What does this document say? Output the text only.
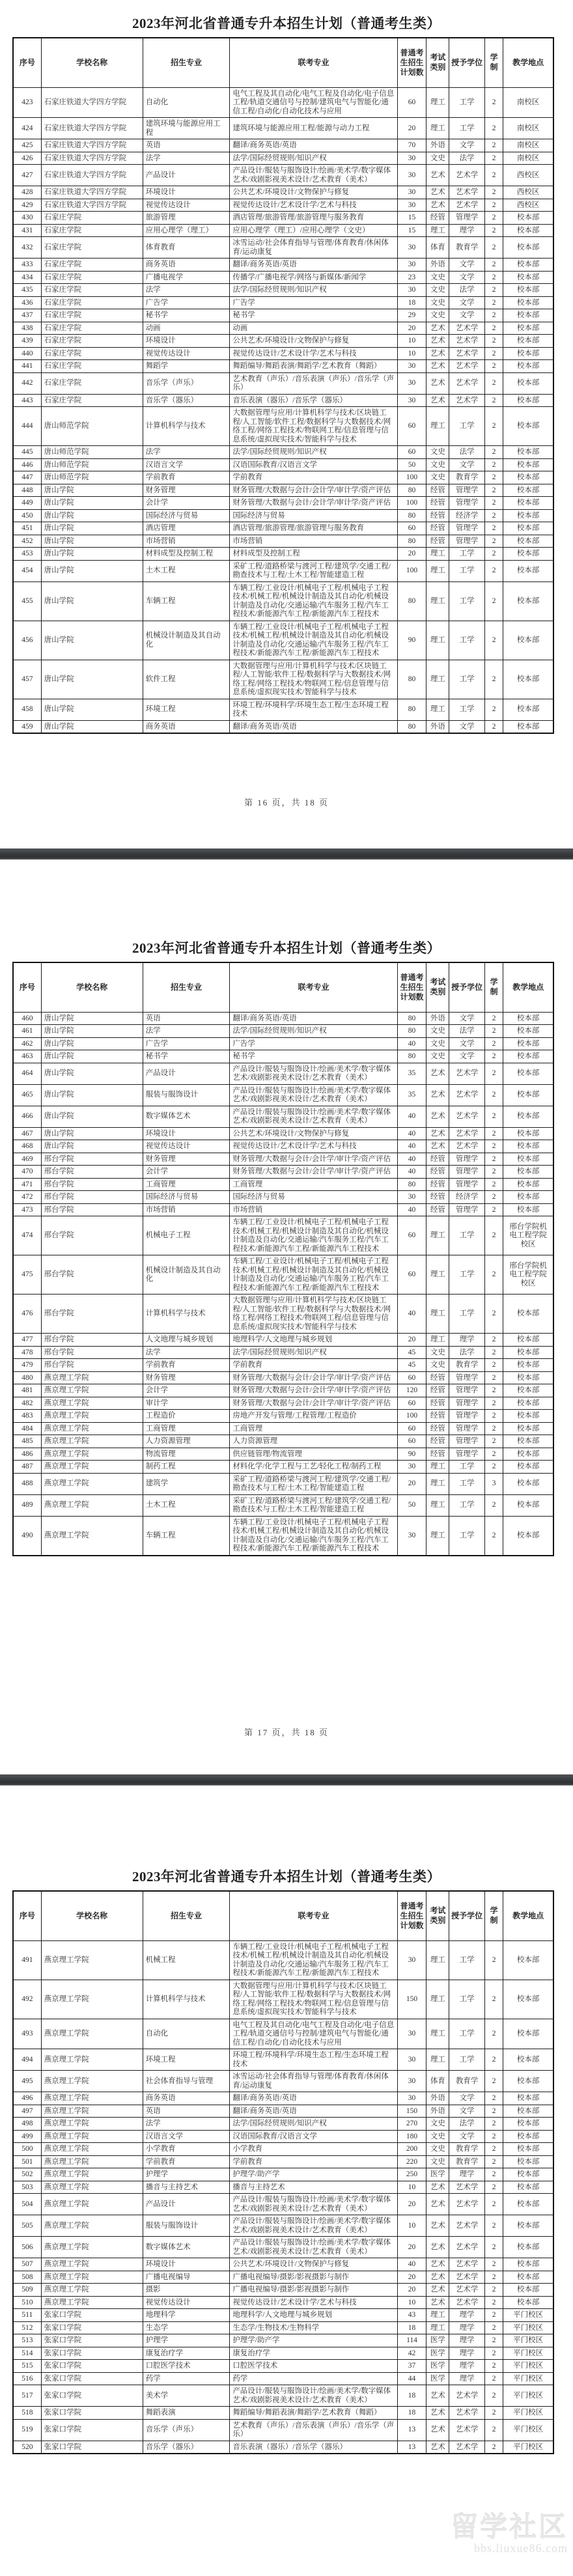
2023年河北省普通专升本招生计划（普通考生类）
序号	学校名称	招生专业	联考专业	普通考生招生计划数	考试类别	授予学位	学制	教学地点
423	石家庄铁道大学四方学院	自动化	电气工程及其自动化/电气工程及自动化/电子信息工程/轨道交通信号与控制/建筑电气与智能化/通信工程/自动化/自动化技术与应用	60	理工	工学	2	南校区
424	石家庄铁道大学四方学院	建筑环境与能源应用工程	建筑环境与能源应用工程/能源与动力工程	20	理工	工学	2	南校区
425	石家庄铁道大学四方学院	英语	翻译/商务英语/英语	70	外语	文学	2	南校区
426	石家庄铁道大学四方学院	法学	法学/国际经贸规则/知识产权	30	文史	法学	2	南校区
427	石家庄铁道大学四方学院	产品设计	产品设计/服装与服饰设计/绘画/美术学/数字媒体艺术/戏剧影视美术设计/艺术教育（美术）	30	艺术	艺术学	2	西校区
428	石家庄铁道大学四方学院	环境设计	公共艺术/环境设计/文物保护与修复	30	艺术	艺术学	2	西校区
429	石家庄铁道大学四方学院	视觉传达设计	视觉传达设计/艺术设计学/艺术与科技	30	艺术	艺术学	2	西校区
430	石家庄学院	旅游管理	酒店管理/旅游管理/旅游管理与服务教育	15	经管	管理学	2	校本部
431	石家庄学院	应用心理学（理工）	应用心理学（理工）/应用心理学（文史）	15	理工	理学	2	校本部
432	石家庄学院	体育教育	冰雪运动/社会体育指导与管理/体育教育/休闲体育/运动康复	30	体育	教育学	2	校本部
433	石家庄学院	商务英语	翻译/商务英语/英语	30	外语	文学	2	校本部
434	石家庄学院	广播电视学	传播学/广播电视学/网络与新媒体/新闻学	23	文史	文学	2	校本部
435	石家庄学院	法学	法学/国际经贸规则/知识产权	30	文史	法学	2	校本部
436	石家庄学院	广告学	广告学	18	文史	文学	2	校本部
437	石家庄学院	秘书学	秘书学	29	文史	文学	2	校本部
438	石家庄学院	动画	动画	20	艺术	艺术学	2	校本部
439	石家庄学院	环境设计	公共艺术/环境设计/文物保护与修复	10	艺术	艺术学	2	校本部
440	石家庄学院	视觉传达设计	视觉传达设计/艺术设计学/艺术与科技	10	艺术	艺术学	2	校本部
441	石家庄学院	舞蹈学	舞蹈编导/舞蹈表演/舞蹈学/艺术教育（舞蹈）	30	艺术	艺术学	2	校本部
442	石家庄学院	音乐学（声乐）	艺术教育（声乐）/音乐表演（声乐）/音乐学（声乐）	30	艺术	艺术学	2	校本部
443	石家庄学院	音乐学（器乐）	音乐表演（器乐）/音乐学（器乐）	30	艺术	艺术学	2	校本部
444	唐山师范学院	计算机科学与技术	大数据管理与应用/计算机科学与技术/区块链工程/人工智能/软件工程/数据科学与大数据技术/网络工程/网络工程技术/物联网工程/信息管理与信息系统/虚拟现实技术/智能科学与技术	60	理工	工学	2	校本部
445	唐山师范学院	法学	法学/国际经贸规则/知识产权	60	文史	法学	2	校本部
446	唐山师范学院	汉语言文学	汉语国际教育/汉语言文学	50	文史	文学	2	校本部
447	唐山师范学院	学前教育	学前教育	100	文史	教育学	2	校本部
448	唐山学院	财务管理	财务管理/大数据与会计/会计学/审计学/资产评估	80	经管	管理学	2	校本部
449	唐山学院	会计学	财务管理/大数据与会计/会计学/审计学/资产评估	100	经管	管理学	2	校本部
450	唐山学院	国际经济与贸易	国际经济与贸易	80	经管	经济学	2	校本部
451	唐山学院	酒店管理	酒店管理/旅游管理/旅游管理与服务教育	60	经管	管理学	2	校本部
452	唐山学院	市场营销	市场营销	80	经管	管理学	2	校本部
453	唐山学院	材料成型及控制工程	材料成型及控制工程	20	理工	工学	2	校本部
454	唐山学院	土木工程	采矿工程/道路桥梁与渡河工程/建筑学/交通工程/勘查技术与工程/土木工程/智能建造工程	100	理工	工学	2	校本部
455	唐山学院	车辆工程	车辆工程/工业设计/机械电子工程/机械电子工程技术/机械工程/机械设计制造及其自动化/机械设计制造及自动化/交通运输/汽车服务工程/汽车工程技术/新能源汽车工程/新能源汽车工程技术	80	理工	工学	2	校本部
456	唐山学院	机械设计制造及其自动化	车辆工程/工业设计/机械电子工程/机械电子工程技术/机械工程/机械设计制造及其自动化/机械设计制造及自动化/交通运输/汽车服务工程/汽车工程技术/新能源汽车工程/新能源汽车工程技术	90	理工	工学	2	校本部
457	唐山学院	软件工程	大数据管理与应用/计算机科学与技术/区块链工程/人工智能/软件工程/数据科学与大数据技术/网络工程/网络工程技术/物联网工程/信息管理与信息系统/虚拟现实技术/智能科学与技术	80	理工	工学	2	校本部
458	唐山学院	环境工程	环境工程/环境科学/环境生态工程/生态环境工程技术	80	理工	工学	2	校本部
459	唐山学院	商务英语	翻译/商务英语/英语	80	外语	文学	2	校本部
第 16 页，共 18 页
2023年河北省普通专升本招生计划（普通考生类）
序号	学校名称	招生专业	联考专业	普通考生招生计划数	考试类别	授予学位	学制	教学地点
460	唐山学院	英语	翻译/商务英语/英语	80	外语	文学	2	校本部
461	唐山学院	法学	法学/国际经贸规则/知识产权	80	文史	法学	2	校本部
462	唐山学院	广告学	广告学	40	文史	文学	2	校本部
463	唐山学院	秘书学	秘书学	80	文史	文学	2	校本部
464	唐山学院	产品设计	产品设计/服装与服饰设计/绘画/美术学/数字媒体艺术/戏剧影视美术设计/艺术教育（美术）	35	艺术	艺术学	2	校本部
465	唐山学院	服装与服饰设计	产品设计/服装与服饰设计/绘画/美术学/数字媒体艺术/戏剧影视美术设计/艺术教育（美术）	35	艺术	艺术学	2	校本部
466	唐山学院	数字媒体艺术	产品设计/服装与服饰设计/绘画/美术学/数字媒体艺术/戏剧影视美术设计/艺术教育（美术）	40	艺术	艺术学	2	校本部
467	唐山学院	环境设计	公共艺术/环境设计/文物保护与修复	40	艺术	艺术学	2	校本部
468	唐山学院	视觉传达设计	视觉传达设计/艺术设计学/艺术与科技	40	艺术	艺术学	2	校本部
469	邢台学院	财务管理	财务管理/大数据与会计/会计学/审计学/资产评估	40	经管	管理学	2	校本部
470	邢台学院	会计学	财务管理/大数据与会计/会计学/审计学/资产评估	40	经管	管理学	2	校本部
471	邢台学院	工商管理	工商管理	80	经管	管理学	2	校本部
472	邢台学院	国际经济与贸易	国际经济与贸易	30	经管	经济学	2	校本部
473	邢台学院	市场营销	市场营销	40	经管	管理学	2	校本部
474	邢台学院	机械电子工程	车辆工程/工业设计/机械电子工程/机械电子工程技术/机械工程/机械设计制造及其自动化/机械设计制造及自动化/交通运输/汽车服务工程/汽车工程技术/新能源汽车工程/新能源汽车工程技术	60	理工	工学	2	邢台学院机电工程学院校区
475	邢台学院	机械设计制造及其自动化	车辆工程/工业设计/机械电子工程/机械电子工程技术/机械工程/机械设计制造及其自动化/机械设计制造及自动化/交通运输/汽车服务工程/汽车工程技术/新能源汽车工程/新能源汽车工程技术	60	理工	工学	2	邢台学院机电工程学院校区
476	邢台学院	计算机科学与技术	大数据管理与应用/计算机科学与技术/区块链工程/人工智能/软件工程/数据科学与大数据技术/网络工程/网络工程技术/物联网工程/信息管理与信息系统/虚拟现实技术/智能科学与技术	40	理工	工学	2	校本部
477	邢台学院	人文地理与城乡规划	地理科学/人文地理与城乡规划	20	理工	理学	2	校本部
478	邢台学院	法学	法学/国际经贸规则/知识产权	45	文史	法学	2	校本部
479	邢台学院	学前教育	学前教育	45	文史	教育学	2	校本部
480	燕京理工学院	财务管理	财务管理/大数据与会计/会计学/审计学/资产评估	60	经管	管理学	2	校本部
481	燕京理工学院	会计学	财务管理/大数据与会计/会计学/审计学/资产评估	120	经管	管理学	2	校本部
482	燕京理工学院	审计学	财务管理/大数据与会计/会计学/审计学/资产评估	60	经管	管理学	2	校本部
483	燕京理工学院	工程造价	房地产开发与管理/工程管理/工程造价	100	经管	管理学	2	校本部
484	燕京理工学院	工商管理	工商管理	60	经管	管理学	2	校本部
485	燕京理工学院	人力资源管理	人力资源管理	60	经管	管理学	2	校本部
486	燕京理工学院	物流管理	供应链管理/物流管理	90	经管	管理学	2	校本部
487	燕京理工学院	制药工程	材料化学/化学工程与工艺/轻化工程/制药工程	30	理工	工学	2	校本部
488	燕京理工学院	建筑学	采矿工程/道路桥梁与渡河工程/建筑学/交通工程/勘查技术与工程/土木工程/智能建造工程	20	理工	工学	3	校本部
489	燕京理工学院	土木工程	采矿工程/道路桥梁与渡河工程/建筑学/交通工程/勘查技术与工程/土木工程/智能建造工程	50	理工	工学	2	校本部
490	燕京理工学院	车辆工程	车辆工程/工业设计/机械电子工程/机械电子工程技术/机械工程/机械设计制造及其自动化/机械设计制造及自动化/交通运输/汽车服务工程/汽车工程技术/新能源汽车工程/新能源汽车工程技术	30	理工	工学	2	校本部
第 17 页，共 18 页
2023年河北省普通专升本招生计划（普通考生类）
序号	学校名称	招生专业	联考专业	普通考生招生计划数	考试类别	授予学位	学制	教学地点
491	燕京理工学院	机械工程	车辆工程/工业设计/机械电子工程/机械电子工程技术/机械工程/机械设计制造及其自动化/机械设计制造及自动化/交通运输/汽车服务工程/汽车工程技术/新能源汽车工程/新能源汽车工程技术	30	理工	工学	2	校本部
492	燕京理工学院	计算机科学与技术	大数据管理与应用/计算机科学与技术/区块链工程/人工智能/软件工程/数据科学与大数据技术/网络工程/网络工程技术/物联网工程/信息管理与信息系统/虚拟现实技术/智能科学与技术	150	理工	工学	2	校本部
493	燕京理工学院	自动化	电气工程及其自动化/电气工程及自动化/电子信息工程/轨道交通信号与控制/建筑电气与智能化/通信工程/自动化/自动化技术与应用	30	理工	工学	2	校本部
494	燕京理工学院	环境工程	环境工程/环境科学/环境生态工程/生态环境工程技术	30	理工	工学	2	校本部
495	燕京理工学院	社会体育指导与管理	冰雪运动/社会体育指导与管理/体育教育/休闲体育/运动康复	30	体育	教育学	2	校本部
496	燕京理工学院	商务英语	翻译/商务英语/英语	30	外语	文学	2	校本部
497	燕京理工学院	英语	翻译/商务英语/英语	150	外语	文学	2	校本部
498	燕京理工学院	法学	法学/国际经贸规则/知识产权	270	文史	法学	2	校本部
499	燕京理工学院	汉语言文学	汉语国际教育/汉语言文学	180	文史	文学	2	校本部
500	燕京理工学院	小学教育	小学教育	200	文史	教育学	2	校本部
501	燕京理工学院	学前教育	学前教育	220	文史	教育学	2	校本部
502	燕京理工学院	护理学	护理学/助产学	250	医学	理学	2	校本部
503	燕京理工学院	播音与主持艺术	播音与主持艺术	10	艺术	艺术学	2	校本部
504	燕京理工学院	产品设计	产品设计/服装与服饰设计/绘画/美术学/数字媒体艺术/戏剧影视美术设计/艺术教育（美术）	20	艺术	艺术学	2	校本部
505	燕京理工学院	服装与服饰设计	产品设计/服装与服饰设计/绘画/美术学/数字媒体艺术/戏剧影视美术设计/艺术教育（美术）	10	艺术	艺术学	2	校本部
506	燕京理工学院	数字媒体艺术	产品设计/服装与服饰设计/绘画/美术学/数字媒体艺术/戏剧影视美术设计/艺术教育（美术）	20	艺术	艺术学	2	校本部
507	燕京理工学院	环境设计	公共艺术/环境设计/文物保护与修复	40	艺术	艺术学	2	校本部
508	燕京理工学院	广播电视编导	广播电视编导/摄影/影视摄影与制作	20	艺术	艺术学	2	校本部
509	燕京理工学院	摄影	广播电视编导/摄影/影视摄影与制作	20	艺术	艺术学	2	校本部
510	燕京理工学院	视觉传达设计	视觉传达设计/艺术设计学/艺术与科技	10	艺术	艺术学	2	校本部
511	张家口学院	地理科学	地理科学/人文地理与城乡规划	43	理工	理学	2	平门校区
512	张家口学院	生态学	生态学/生物技术/生物科学	18	理工	理学	2	平门校区
513	张家口学院	护理学	护理学/助产学	114	医学	理学	2	平门校区
514	张家口学院	康复治疗学	康复治疗学	42	医学	理学	2	平门校区
515	张家口学院	口腔医学技术	口腔医学技术	37	医学	理学	2	平门校区
516	张家口学院	药学	药学	44	医学	理学	2	平门校区
517	张家口学院	美术学	产品设计/服装与服饰设计/绘画/美术学/数字媒体艺术/戏剧影视美术设计/艺术教育（美术）	18	艺术	艺术学	2	平门校区
518	张家口学院	舞蹈表演	舞蹈编导/舞蹈表演/舞蹈学/艺术教育（舞蹈）	18	艺术	艺术学	2	平门校区
519	张家口学院	音乐学（声乐）	艺术教育（声乐）/音乐表演（声乐）/音乐学（声乐）	13	艺术	艺术学	2	平门校区
520	张家口学院	音乐学（器乐）	音乐表演（器乐）/音乐学（器乐）	13	艺术	艺术学	2	平门校区
留学社区
bbs.liuxue86.com
